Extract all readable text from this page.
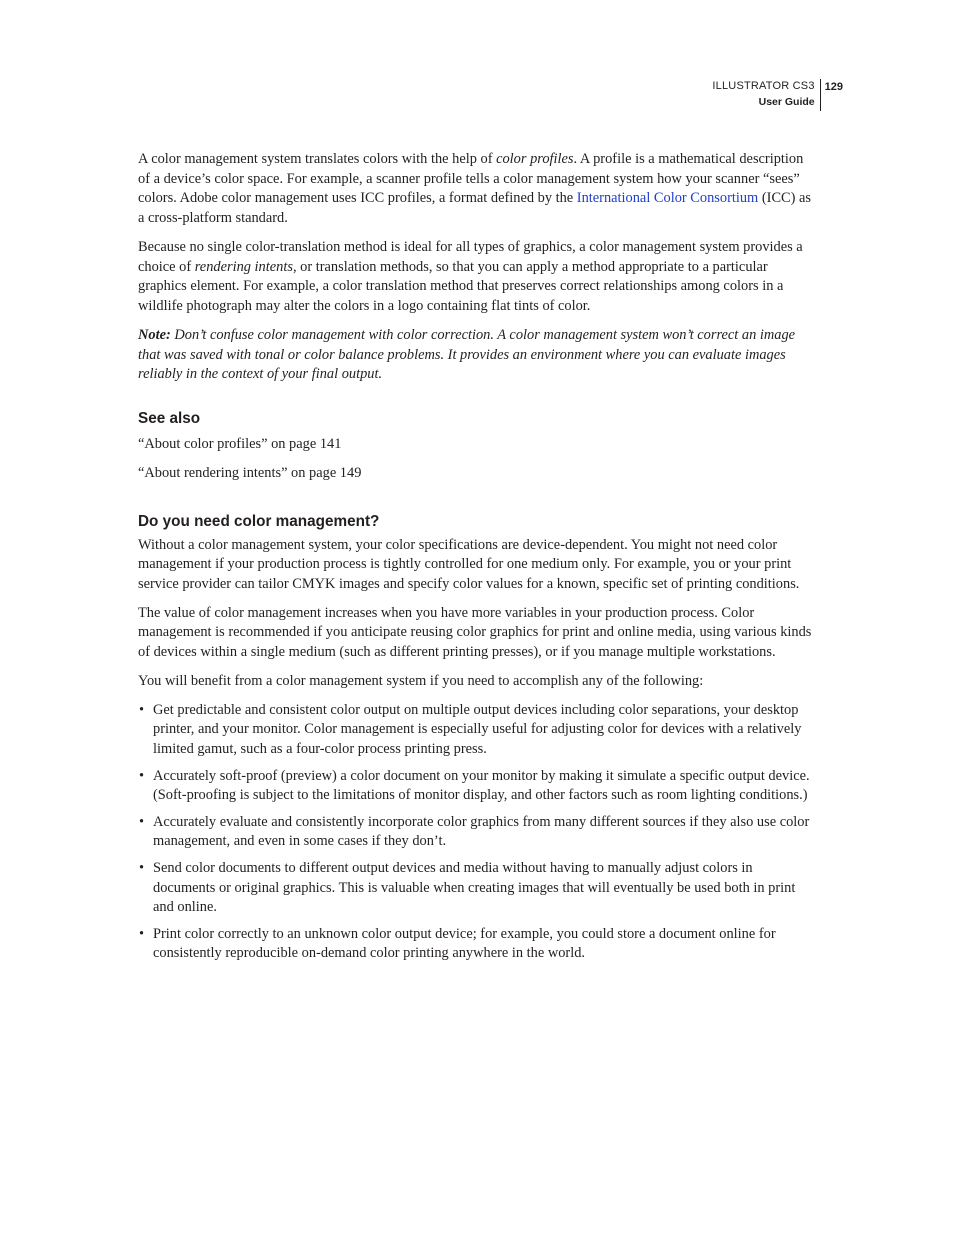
ILLUSTRATOR CS3
User Guide
129

A color management system translates colors with the help of color profiles. A profile is a mathematical description of a device’s color space. For example, a scanner profile tells a color management system how your scanner “sees” colors. Adobe color management uses ICC profiles, a format defined by the International Color Consortium (ICC) as a cross-platform standard.

Because no single color-translation method is ideal for all types of graphics, a color management system provides a choice of rendering intents, or translation methods, so that you can apply a method appropriate to a particular graphics element. For example, a color translation method that preserves correct relationships among colors in a wildlife photograph may alter the colors in a logo containing flat tints of color.

Note: Don’t confuse color management with color correction. A color management system won’t correct an image that was saved with tonal or color balance problems. It provides an environment where you can evaluate images reliably in the context of your final output.

See also

“About color profiles” on page 141

“About rendering intents” on page 149

Do you need color management?

Without a color management system, your color specifications are device-dependent. You might not need color management if your production process is tightly controlled for one medium only. For example, you or your print service provider can tailor CMYK images and specify color values for a known, specific set of printing conditions.

The value of color management increases when you have more variables in your production process. Color management is recommended if you anticipate reusing color graphics for print and online media, using various kinds of devices within a single medium (such as different printing presses), or if you manage multiple workstations.

You will benefit from a color management system if you need to accomplish any of the following:

• Get predictable and consistent color output on multiple output devices including color separations, your desktop printer, and your monitor. Color management is especially useful for adjusting color for devices with a relatively limited gamut, such as a four-color process printing press.
• Accurately soft-proof (preview) a color document on your monitor by making it simulate a specific output device. (Soft-proofing is subject to the limitations of monitor display, and other factors such as room lighting conditions.)
• Accurately evaluate and consistently incorporate color graphics from many different sources if they also use color management, and even in some cases if they don’t.
• Send color documents to different output devices and media without having to manually adjust colors in documents or original graphics. This is valuable when creating images that will eventually be used both in print and online.
• Print color correctly to an unknown color output device; for example, you could store a document online for consistently reproducible on-demand color printing anywhere in the world.
